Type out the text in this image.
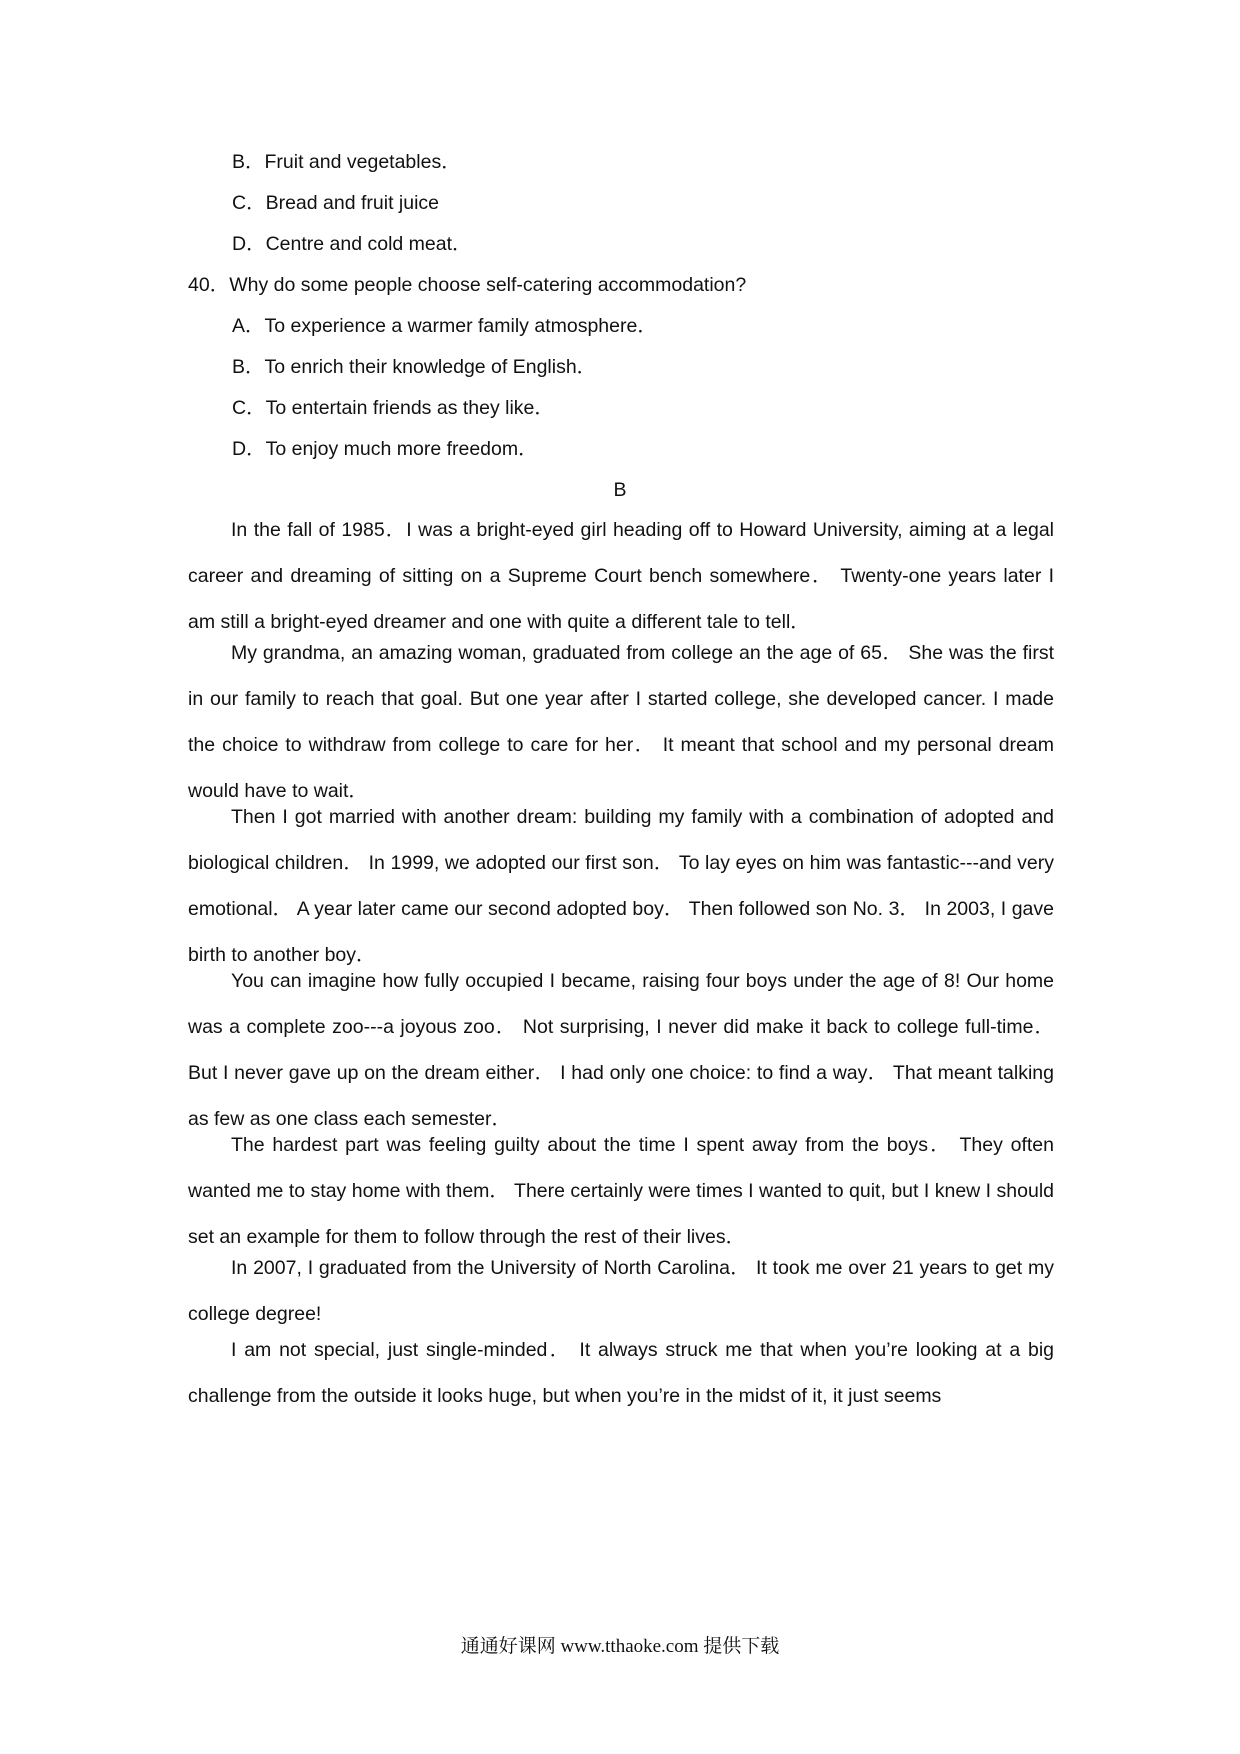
B．Fruit and vegetables．
C．Bread and fruit juice
D．Centre and cold meat．
40．Why do some people choose self-catering accommodation?
A．To experience a warmer family atmosphere．
B．To enrich their knowledge of English．
C．To entertain friends as they like．
D．To enjoy much more freedom．
B
In the fall of 1985．I was a bright-eyed girl heading off to Howard University, aiming at a legal career and dreaming of sitting on a Supreme Court bench somewhere． Twenty-one years later I am still a bright-eyed dreamer and one with quite a different tale to tell．
My grandma, an amazing woman, graduated from college an the age of 65． She was the first in our family to reach that goal. But one year after I started college, she developed cancer. I made the choice to withdraw from college to care for her． It meant that school and my personal dream would have to wait．
Then I got married with another dream: building my family with a combination of adopted and biological children． In 1999, we adopted our first son． To lay eyes on him was fantastic---and very emotional． A year later came our second adopted boy． Then followed son No. 3． In 2003, I gave birth to another boy．
You can imagine how fully occupied I became, raising four boys under the age of 8! Our home was a complete zoo---a joyous zoo． Not surprising, I never did make it back to college full-time． But I never gave up on the dream either． I had only one choice: to find a way． That meant talking as few as one class each semester．
The hardest part was feeling guilty about the time I spent away from the boys． They often wanted me to stay home with them． There certainly were times I wanted to quit, but I knew I should set an example for them to follow through the rest of their lives．
In 2007, I graduated from the University of North Carolina． It took me over 21 years to get my college degree!
I am not special, just single-minded． It always struck me that when you’re looking at a big challenge from the outside it looks huge, but when you’re in the midst of it, it just seems
通通好课网 www.tthaoke.com 提供下载
